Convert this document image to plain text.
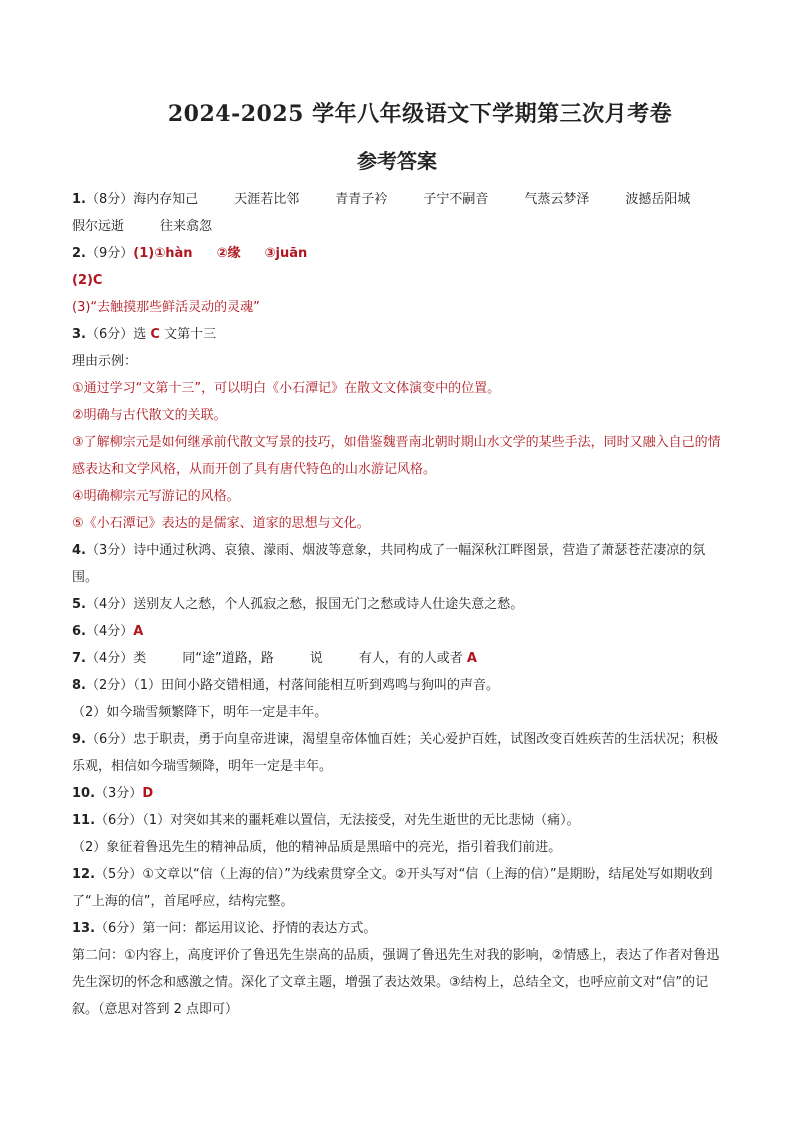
2024-2025 学年八年级语文下学期第三次月考卷
参考答案

1.（8分）海内存知己	天涯若比邻	青青子衿	子宁不嗣音	气蒸云梦泽	波撼岳阳城

假尔远逝	往来翕忽

2.（9分）(1)①hàn ②缘 ③juān

(2)C

(3)“去触摸那些鲜活灵动的灵魂”

3.（6分）选 C 文第十三

理由示例：

①通过学习“文第十三”，可以明白《小石潭记》在散文文体演变中的位置。

②明确与古代散文的关联。

③了解柳宗元是如何继承前代散文写景的技巧，如借鉴魏晋南北朝时期山水文学的某些手法，同时又融入自己的情感表达和文学风格，从而开创了具有唐代特色的山水游记风格。

④明确柳宗元写游记的风格。

⑤《小石潭记》表达的是儒家、道家的思想与文化。

4.（3分）诗中通过秋鸿、哀猿、濛雨、烟波等意象，共同构成了一幅深秋江畔图景，营造了萧瑟苍茫凄凉的氛围。

5.（4分）送别友人之愁，个人孤寂之愁，报国无门之愁或诗人仕途失意之愁。

6.（4分）A

7.（4分）类	同“途”道路，路	说	有人，有的人或者 A

8.（2分）（1）田间小路交错相通，村落间能相互听到鸡鸣与狗叫的声音。

（2）如今瑞雪频繁降下，明年一定是丰年。

9.（6分）忠于职责，勇于向皇帝进谏，渴望皇帝体恤百姓；关心爱护百姓，试图改变百姓疾苦的生活状况；积极乐观，相信如今瑞雪频降，明年一定是丰年。

10.（3分）D

11.（6分）（1）对突如其来的噩耗难以置信，无法接受，对先生逝世的无比悲恸（痛）。

（2）象征着鲁迅先生的精神品质，他的精神品质是黑暗中的亮光，指引着我们前进。

12.（5分）①文章以“信（上海的信）”为线索贯穿全文。②开头写对“信（上海的信）”是期盼，结尾处写如期收到了“上海的信”，首尾呼应，结构完整。

13.（6分）第一问：都运用议论、抒情的表达方式。

第二问：①内容上，高度评价了鲁迅先生崇高的品质，强调了鲁迅先生对我的影响，②情感上，表达了作者对鲁迅先生深切的怀念和感激之情。深化了文章主题，增强了表达效果。③结构上，总结全文，也呼应前文对“信”的记叙。（意思对答到 2 点即可）
